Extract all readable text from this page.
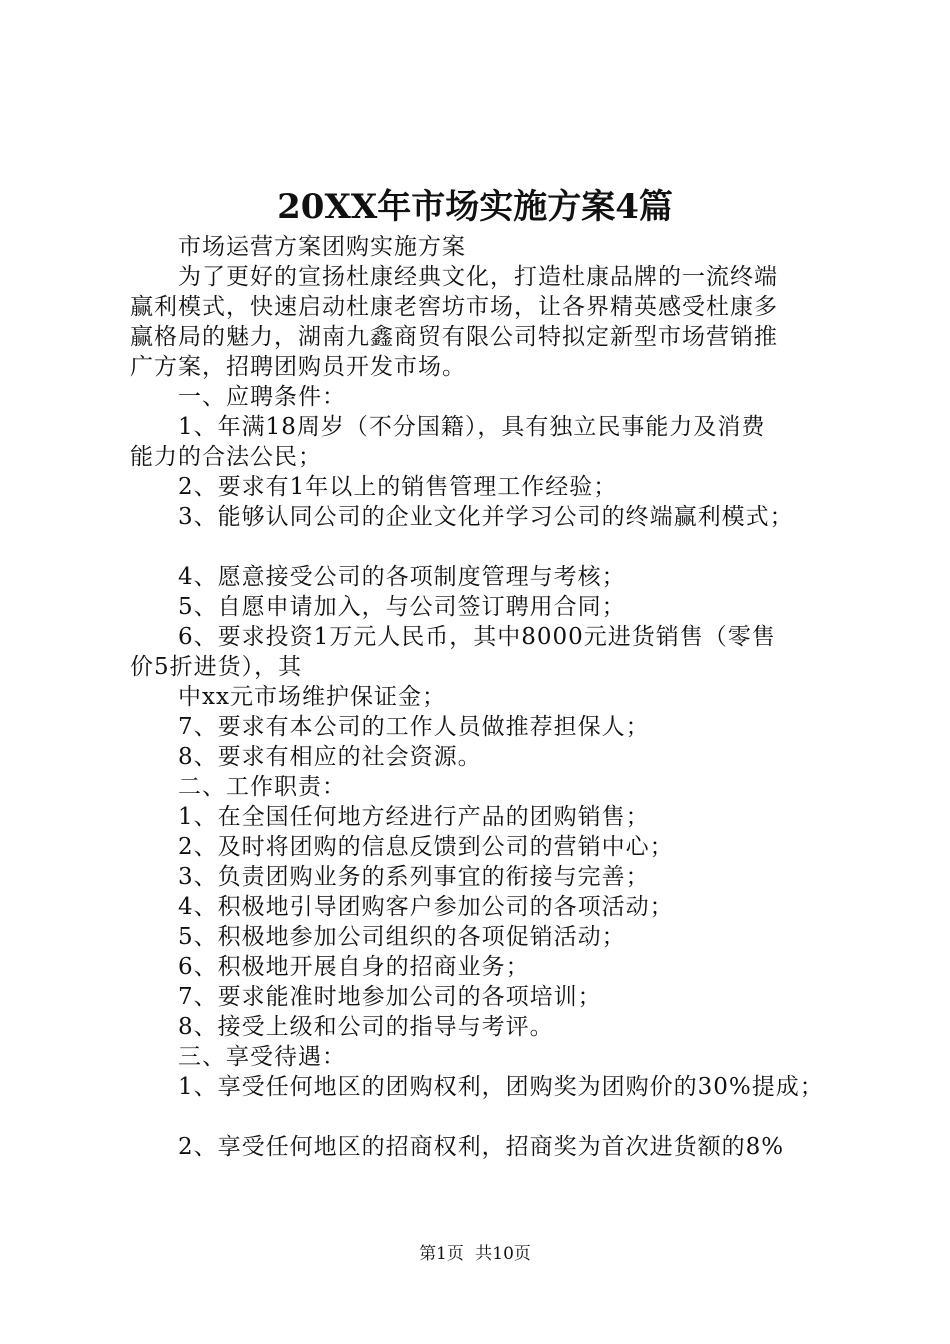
20XX年市场实施方案4篇
市场运营方案团购实施方案
为了更好的宣扬杜康经典文化，打造杜康品牌的一流终端
赢利模式，快速启动杜康老窖坊市场，让各界精英感受杜康多
赢格局的魅力，湖南九鑫商贸有限公司特拟定新型市场营销推
广方案，招聘团购员开发市场。
一、应聘条件：
1、年满18周岁（不分国籍），具有独立民事能力及消费
能力的合法公民；
2、要求有1年以上的销售管理工作经验；
3、能够认同公司的企业文化并学习公司的终端赢利模式；
4、愿意接受公司的各项制度管理与考核；
5、自愿申请加入，与公司签订聘用合同；
6、要求投资1万元人民币，其中8000元进货销售（零售
价5折进货），其
中xx元市场维护保证金；
7、要求有本公司的工作人员做推荐担保人；
8、要求有相应的社会资源。
二、工作职责：
1、在全国任何地方经进行产品的团购销售；
2、及时将团购的信息反馈到公司的营销中心；
3、负责团购业务的系列事宜的衔接与完善；
4、积极地引导团购客户参加公司的各项活动；
5、积极地参加公司组织的各项促销活动；
6、积极地开展自身的招商业务；
7、要求能准时地参加公司的各项培训；
8、接受上级和公司的指导与考评。
三、享受待遇：
1、享受任何地区的团购权利，团购奖为团购价的30%提成；
2、享受任何地区的招商权利，招商奖为首次进货额的8%
第1页 共10页
